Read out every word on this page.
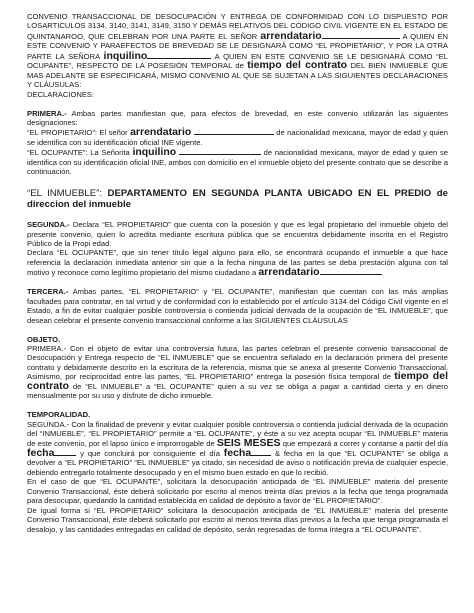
CONVENIO TRANSACCIONAL DE DESOCUPACIÓN Y ENTREGA DE CONFORMIDAD CON LO DISPUESTO POR LOSARTICULOS 3134, 3140, 3141, 3149, 3150 Y DEMÁS RELATIVOS DEL CÓDIGO CIVIL VIGENTE EN EL ESTADO DE QUINTANAROO, QUE CELEBRAN POR UNA PARTE EL SEÑOR arrendatario	A QUIEN EN ESTE CONVENIO Y PARAEFECTOS DE BREVEDAD SE LE DESIGNARÁ COMO “EL PROPIETARIO”, Y POR LA OTRA PARTE LA SEÑORA inquilino	A QUIEN EN ESTE CONVENIO SE LE DESIGNARÁ COMO “EL OCUPANTE”, RESPECTO DE LA POSESIÓN TEMPORAL de tiempo del contrato DEL BIEN INMUEBLE QUE MAS ADELANTE SE ESPECIFICARÁ, MISMO CONVENIO AL QUE SE SUJETAN A LAS SIGUIENTES DECLARACIONES Y CLÁUSULAS:

DECLARACIONES:

PRIMERA.- Ambas partes manifiestan que, para efectos de brevedad, en este convenio utilizarán las siguientes designaciones:

“EL PROPIETARIO”: El señor arrendatario	de nacionalidad mexicana, mayor de edad y quien se identifica con su identificación oficial INE vigente.

“EL OCUPANTE”: La Señorita inquilino	de nacionalidad mexicana, mayor de edad y quien se identifica con su identificación oficial INE, ambos con domicilio en el inmueble objeto del presente contrato que se describe a continuación.

“EL INMUEBLE”: DEPARTAMENTO EN SEGUNDA PLANTA UBICADO EN EL PREDIO de direccion del inmueble

SEGUNDA.- Declara “EL PROPIETARIO” que cuenta con la posesión y que es legal propietario del inmueble objeto del presente convenio, quien lo acredita mediante escritura pública que se encuentra debidamente inscrita en el Registro Público de la Propi edad.

Declara “EL OCUPANTE”, que sin tener título legal alguno para ello, se encontrará ocupando el inmueble a que hace referencia la declaración inmediata anterior sin que a la fecha ninguna de las partes se deba prestación alguna con tal motivo y reconoce como legítimo propietario del mismo ciudadano a arrendatario

TERCERA.- Ambas partes, “EL PROPIETARIO” y “EL OCUPANTE”, manifiestan que cuentan con las más amplias facultades para contratar, en tal virtud y de conformidad con lo establecido por el artículo 3134 del Código Civil vigente en el Estado, a fin de evitar cualquier posible controversia o contienda judicial derivada de la ocupación de “EL INMUEBLE”, que desean celebrar el presente convenio transaccional conforme a las SIGUIENTES CLÁUSULAS

OBJETO.

PRIMERA.- Con el objeto de evitar una controversia futura, las partes celebran el presente convenio transaccional de Desocupación y Entrega respecto de “EL INMUEBLE” que se encuentra señalado en la declaración primera del presente contrato y debidamente descrito en la escritura de la referencia, misma que se anexa al presente Convenio Transaccional. Asimismo, por reciprocidad entre las partes, “EL PROPIETARIO” entrega la posesión física temporal de tiempo del contrato de “EL INMUEBLE” a “EL OCUPANTE” quien a su vez se obliga a pagar a cantidad cierta y en dinero mensualmente por su uso y disfrute de dicho inmueble.

TEMPORALIDAD.

SEGUNDA.- Con la finalidad de prevenir y evitar cualquier posible controversia o contienda judicial derivada de la ocupación del “INMUEBLE”, “EL PROPIETARIO” permite a “EL OCUPANTE”, y éste a su vez acepta ocupar “EL INMUEBLE” materia de este convenio, por el lapso único e improrrogable de SEIS MESES que empezará a correr y contarse a partir del día fecha	y que concluirá por consiguiente el día fecha	& fecha en la que “EL OCUPANTE” se obliga a devolver a “EL PROPIETARIO” “EL INMUEBLE” ya citado, sin necesidad de aviso o notificación previa de cualquier especie, debiendo entregarlo totalmente desocupado y en el mismo buen estado en que lo recibió.

En el caso de que “EL OCUPANTE”, solicitara la desocupación anticipada de “EL INMUEBLE” materia del presente Convenio Transaccional, éste deberá solicitarlo por escrito al menos treinta días previos a la fecha que tenga programada para desocupar, quedando la cantidad establecida en calidad de depósito a favor de “EL PROPIETARIO”.

De igual forma si “EL PROPIETARIO” solicitara la desocupación anticipada de “EL INMUEBLE” materia del presente Convenio Transaccional, éste deberá solicitarlo por escrito al menos treinta días previos a la fecha que tenga programada el desalojo, y las cantidades entregadas en calidad de depósito, serán regresadas de forma íntegra a “EL OCUPANTE”.
